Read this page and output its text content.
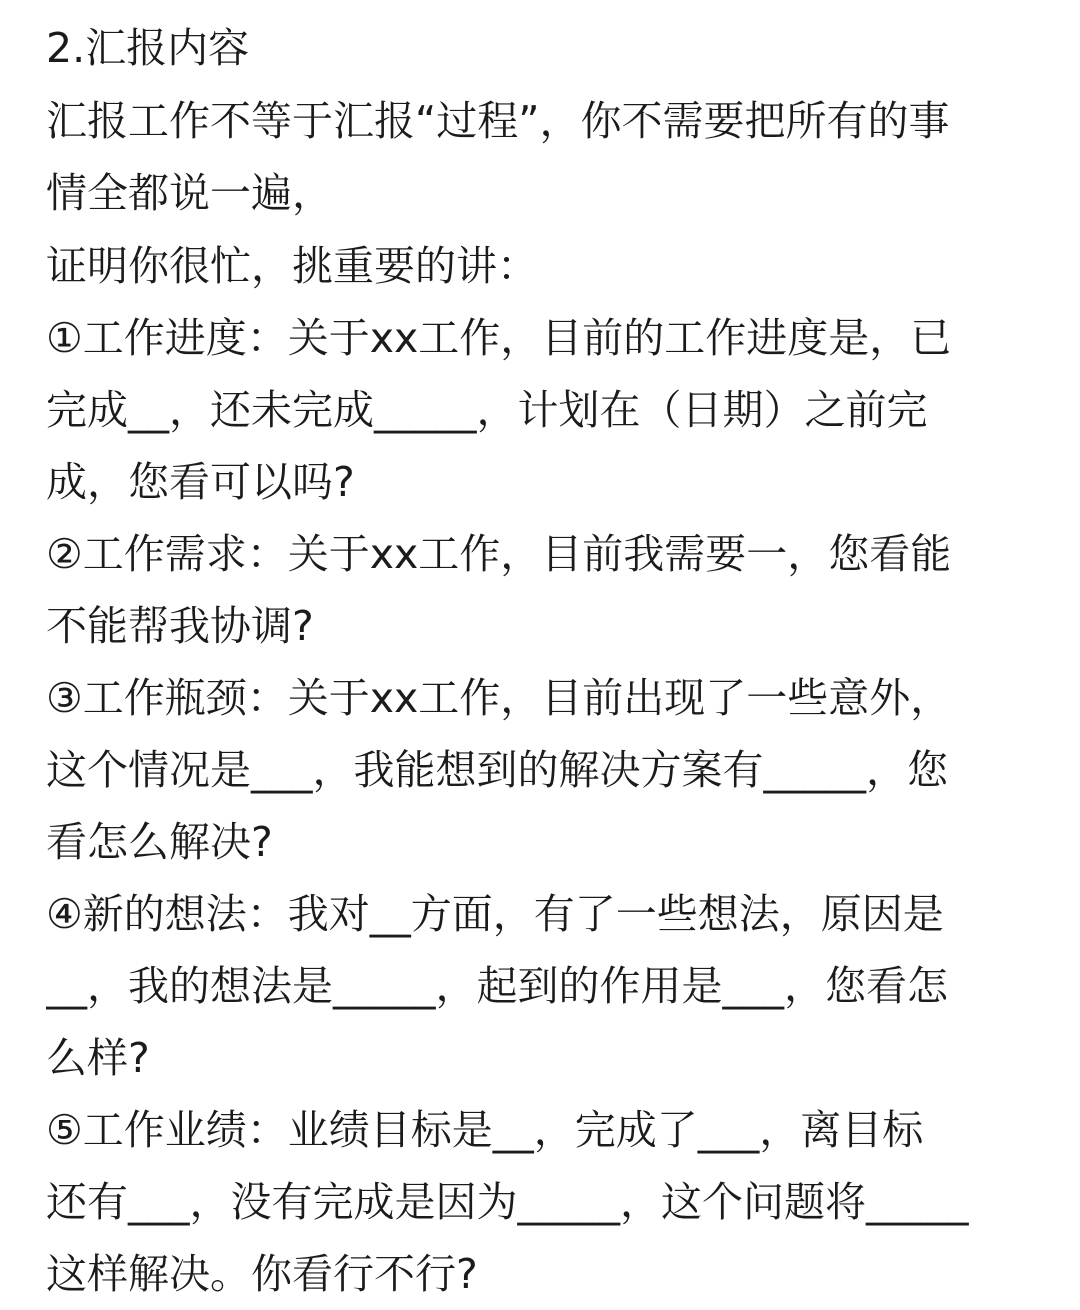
2.汇报内容
汇报工作不等于汇报“过程”，你不需要把所有的事
情全都说一遍，
证明你很忙，挑重要的讲：
①工作进度：关于xx工作，目前的工作进度是，已
完成__，还未完成_____，计划在（日期）之前完
成，您看可以吗?
②工作需求：关于xx工作，目前我需要一，您看能
不能帮我协调?
③工作瓶颈：关于xx工作，目前出现了一些意外，
这个情况是___，我能想到的解决方案有_____，您
看怎么解决?
④新的想法：我对__方面，有了一些想法，原因是
__，我的想法是_____，起到的作用是___，您看怎
么样?
⑤工作业绩：业绩目标是__，完成了___，离目标
还有___，没有完成是因为_____，这个问题将_____
这样解决。你看行不行?
